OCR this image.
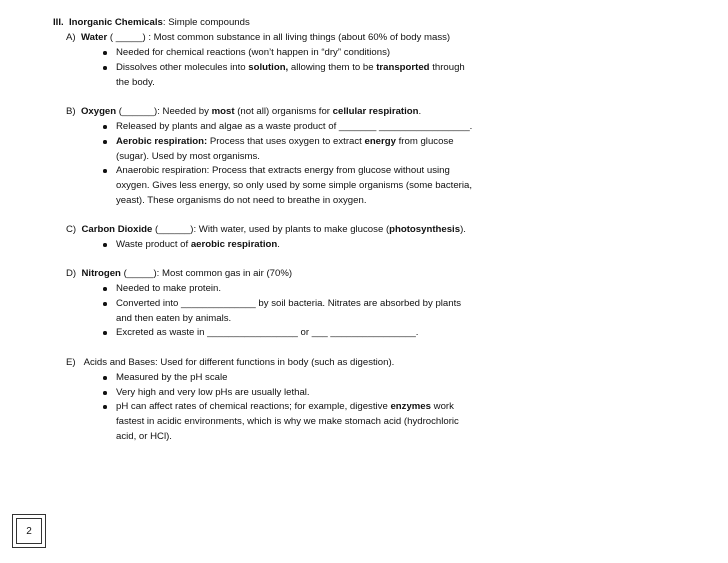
III. Inorganic Chemicals: Simple compounds
A) Water ( _____) : Most common substance in all living things (about 60% of body mass)
Needed for chemical reactions (won’t happen in “dry” conditions)
Dissolves other molecules into solution, allowing them to be transported through
the body.
B) Oxygen (______): Needed by most (not all) organisms for cellular respiration.
Released by plants and algae as a waste product of _______ _________________.
Aerobic respiration: Process that uses oxygen to extract energy from glucose
(sugar). Used by most organisms.
Anaerobic respiration: Process that extracts energy from glucose without using
oxygen. Gives less energy, so only used by some simple organisms (some bacteria,
yeast). These organisms do not need to breathe in oxygen.
C) Carbon Dioxide (______): With water, used by plants to make glucose (photosynthesis).
Waste product of aerobic respiration.
D) Nitrogen (_____): Most common gas in air (70%)
Needed to make protein.
Converted into ______________ by soil bacteria. Nitrates are absorbed by plants
and then eaten by animals.
Excreted as waste in _________________ or ___ ________________.
E) Acids and Bases: Used for different functions in body (such as digestion).
Measured by the pH scale
Very high and very low pHs are usually lethal.
pH can affect rates of chemical reactions; for example, digestive enzymes work
fastest in acidic environments, which is why we make stomach acid (hydrochloric
acid, or HCl).
2
